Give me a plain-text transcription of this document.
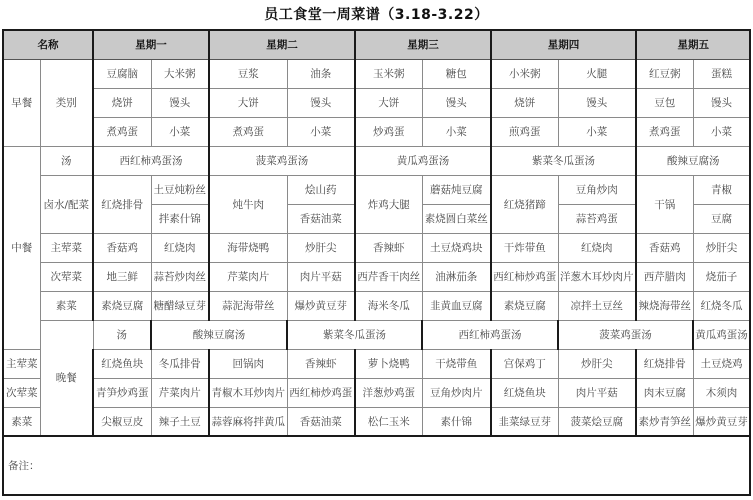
员工食堂一周菜谱（3.18-3.22）
名称		星期一		星期二		星期三		星期四		星期五	
早餐	类别	豆腐脑	大米粥	豆浆	油条	玉米粥	糖包	小米粥	火腿	红豆粥	蛋糕
		烧饼	馒头	大饼	馒头	大饼	馒头	烧饼	馒头	豆包	馒头
		煮鸡蛋	小菜	煮鸡蛋	小菜	炒鸡蛋	小菜	煎鸡蛋	小菜	煮鸡蛋	小菜
中餐	汤	西红柿鸡蛋汤		菠菜鸡蛋汤		黄瓜鸡蛋汤		紫菜冬瓜蛋汤		酸辣豆腐汤	
	卤水/配菜	红烧排骨	土豆炖粉丝	炖牛肉	烩山药	炸鸡大腿	蘑菇炖豆腐	红烧猪蹄	豆角炒肉	干锅	青椒
			拌素什锦		香菇油菜		素烧圆白菜丝		蒜苔鸡蛋		豆腐
	主荤菜	香菇鸡	红烧肉	海带烧鸭	炒肝尖	香辣虾	土豆烧鸡块	干炸带鱼	红烧肉	香菇鸡	炒肝尖
	次荤菜	地三鲜	蒜苔炒肉丝	芹菜肉片	肉片平菇	西芹香干肉丝	油淋茄条	西红柿炒鸡蛋	洋葱木耳炒肉片	西芹腊肉	烧茄子
	素菜	素烧豆腐	糖醋绿豆芽	蒜泥海带丝	爆炒黄豆芽	海米冬瓜	韭黄血豆腐	素烧豆腐	凉拌土豆丝	辣烧海带丝	红烧冬瓜
	晚餐	汤	酸辣豆腐汤		紫菜冬瓜蛋汤		西红柿鸡蛋汤		菠菜鸡蛋汤		黄瓜鸡蛋汤
主荤菜		红烧鱼块	冬瓜排骨	回锅肉	香辣虾	萝卜烧鸭	干烧带鱼	宫保鸡丁	炒肝尖	红烧排骨	土豆烧鸡
次荤菜		青笋炒鸡蛋	芹菜肉片	青椒木耳炒肉片	西红柿炒鸡蛋	洋葱炒鸡蛋	豆角炒肉片	红烧鱼块	肉片平菇	肉末豆腐	木须肉
素菜		尖椒豆皮	辣子土豆	蒜蓉麻将拌黄瓜	香菇油菜	松仁玉米	素什锦	韭菜绿豆芽	菠菜烩豆腐	素炒青笋丝	爆炒黄豆芽
备注：											
